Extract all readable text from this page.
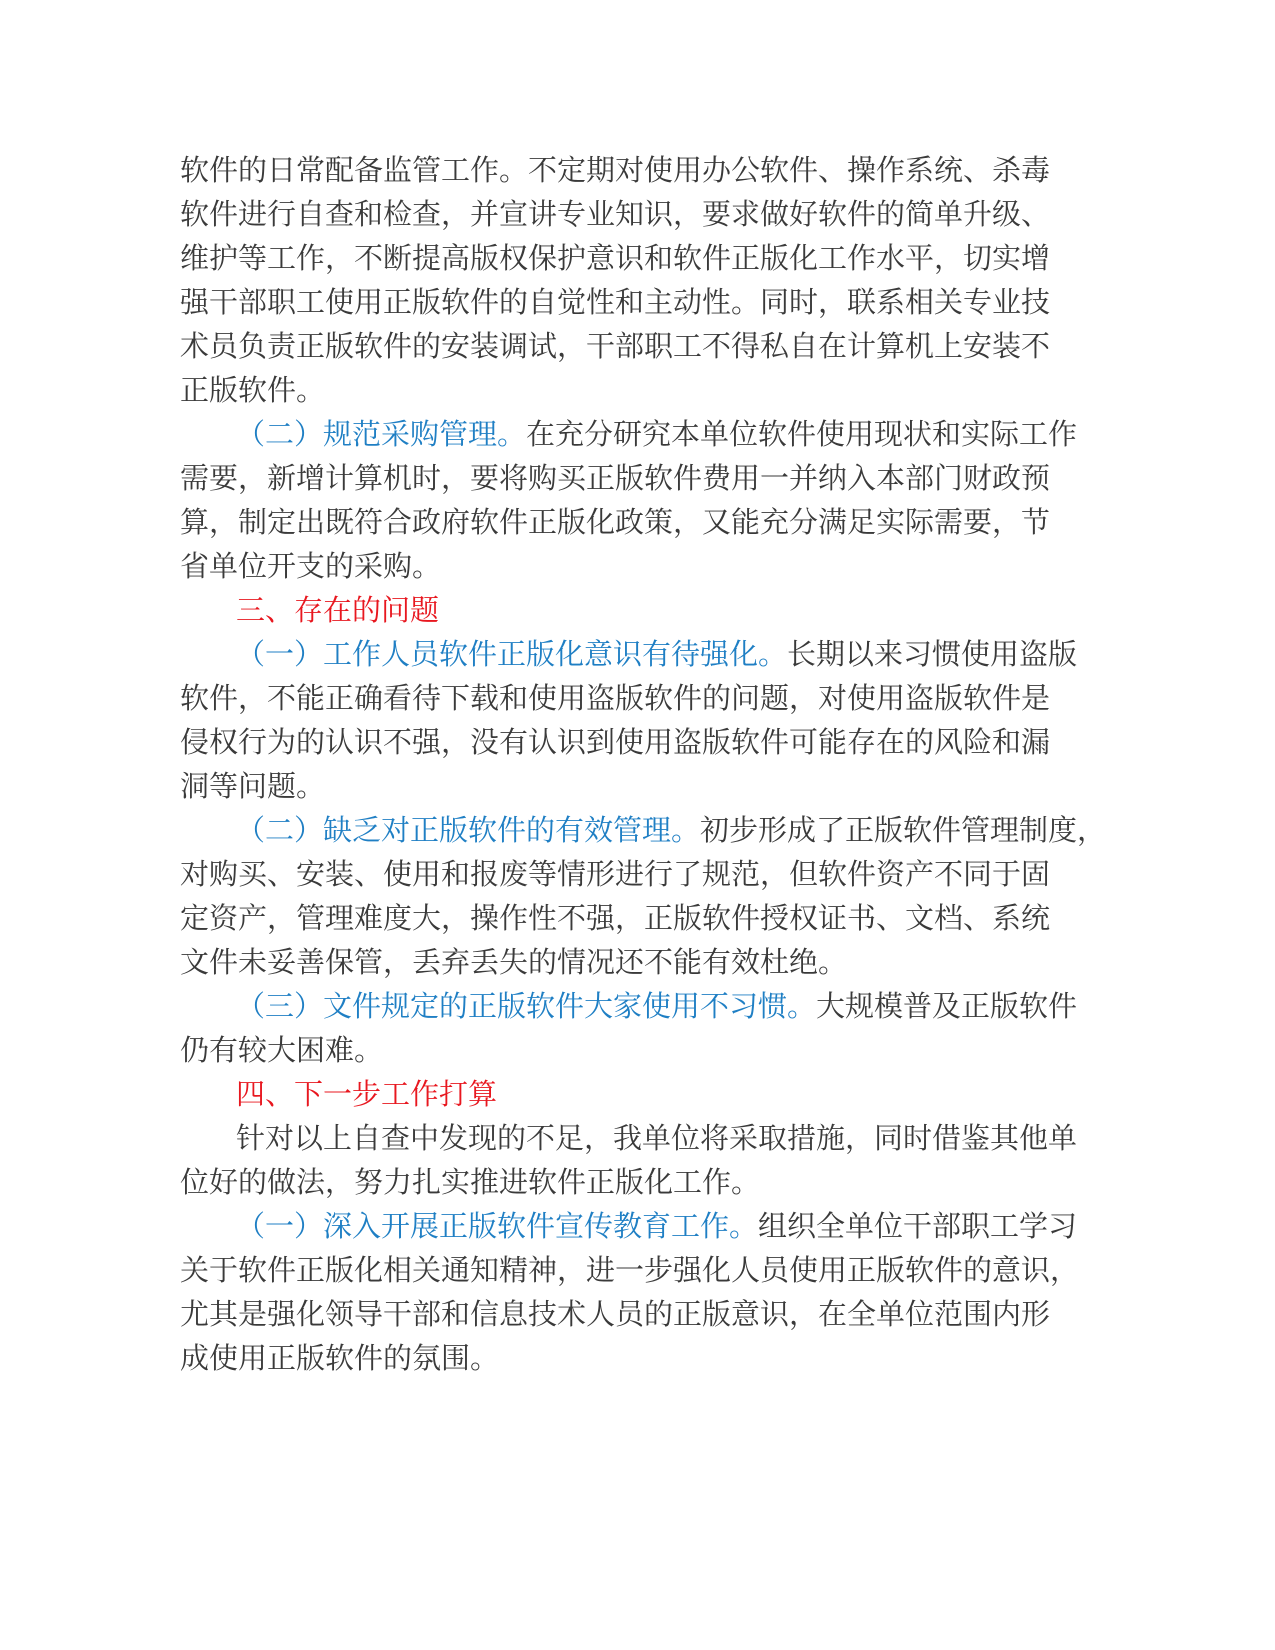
软件的日常配备监管工作。不定期对使用办公软件、操作系统、杀毒
软件进行自查和检查，并宣讲专业知识，要求做好软件的简单升级、
维护等工作，不断提高版权保护意识和软件正版化工作水平，切实增
强干部职工使用正版软件的自觉性和主动性。同时，联系相关专业技
术员负责正版软件的安装调试，干部职工不得私自在计算机上安装不
正版软件。

（二）规范采购管理。在充分研究本单位软件使用现状和实际工作
需要，新增计算机时，要将购买正版软件费用一并纳入本部门财政预
算，制定出既符合政府软件正版化政策，又能充分满足实际需要，节
省单位开支的采购。

三、存在的问题

（一）工作人员软件正版化意识有待强化。长期以来习惯使用盗版
软件，不能正确看待下载和使用盗版软件的问题，对使用盗版软件是
侵权行为的认识不强，没有认识到使用盗版软件可能存在的风险和漏
洞等问题。

（二）缺乏对正版软件的有效管理。初步形成了正版软件管理制度，
对购买、安装、使用和报废等情形进行了规范，但软件资产不同于固
定资产，管理难度大，操作性不强，正版软件授权证书、文档、系统
文件未妥善保管，丢弃丢失的情况还不能有效杜绝。

（三）文件规定的正版软件大家使用不习惯。大规模普及正版软件
仍有较大困难。

四、下一步工作打算

针对以上自查中发现的不足，我单位将采取措施，同时借鉴其他单
位好的做法，努力扎实推进软件正版化工作。

（一）深入开展正版软件宣传教育工作。组织全单位干部职工学习
关于软件正版化相关通知精神，进一步强化人员使用正版软件的意识，
尤其是强化领导干部和信息技术人员的正版意识，在全单位范围内形
成使用正版软件的氛围。
